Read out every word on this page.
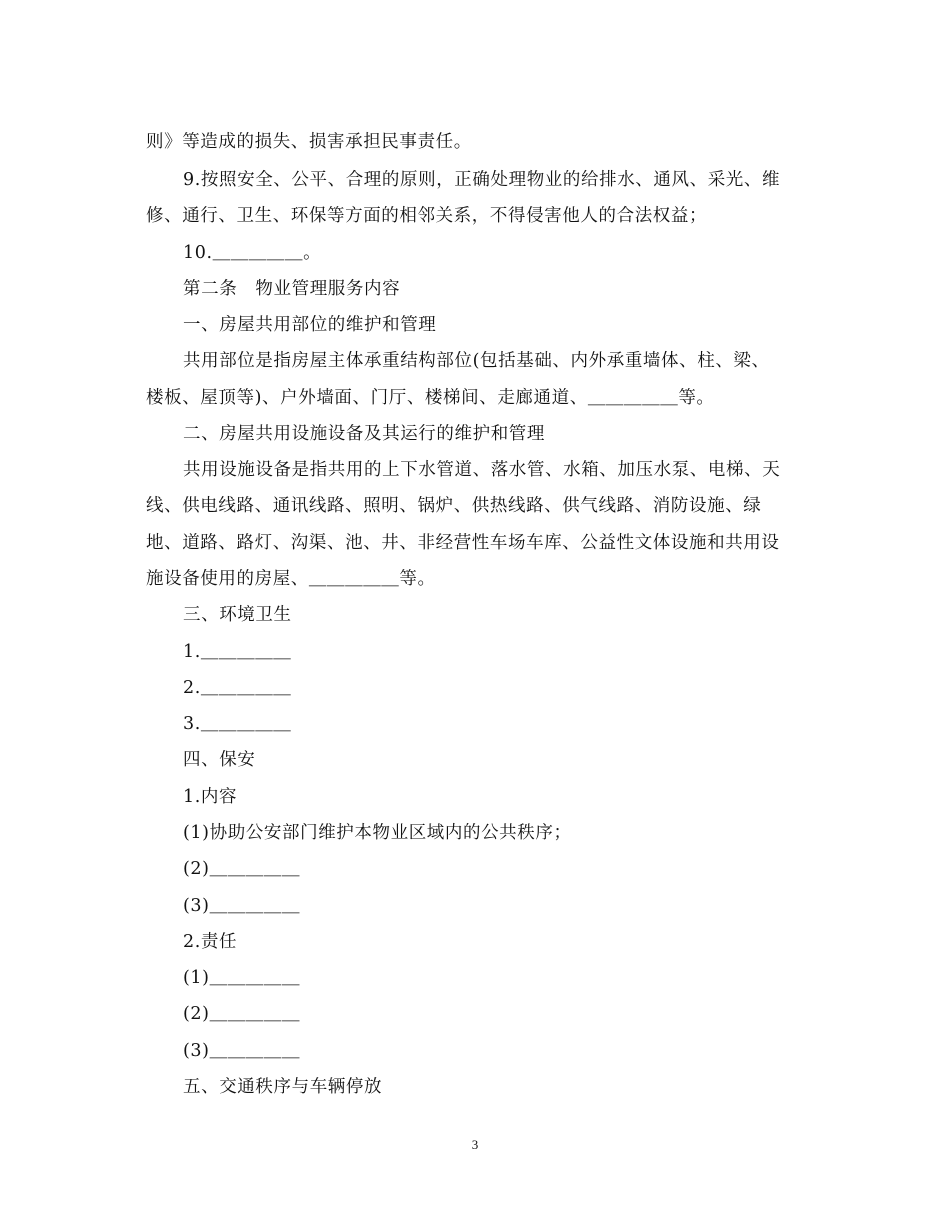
则》等造成的损失、损害承担民事责任。
9.按照安全、公平、合理的原则，正确处理物业的给排水、通风、采光、维
修、通行、卫生、环保等方面的相邻关系，不得侵害他人的合法权益；
10.＿＿＿＿＿。
第二条　物业管理服务内容
一、房屋共用部位的维护和管理
共用部位是指房屋主体承重结构部位(包括基础、内外承重墙体、柱、梁、
楼板、屋顶等)、户外墙面、门厅、楼梯间、走廊通道、＿＿＿＿＿等。
二、房屋共用设施设备及其运行的维护和管理
共用设施设备是指共用的上下水管道、落水管、水箱、加压水泵、电梯、天
线、供电线路、通讯线路、照明、锅炉、供热线路、供气线路、消防设施、绿
地、道路、路灯、沟渠、池、井、非经营性车场车库、公益性文体设施和共用设
施设备使用的房屋、＿＿＿＿＿等。
三、环境卫生
1.＿＿＿＿＿
2.＿＿＿＿＿
3.＿＿＿＿＿
四、保安
1.内容
(1)协助公安部门维护本物业区域内的公共秩序；
(2)＿＿＿＿＿
(3)＿＿＿＿＿
2.责任
(1)＿＿＿＿＿
(2)＿＿＿＿＿
(3)＿＿＿＿＿
五、交通秩序与车辆停放
3
